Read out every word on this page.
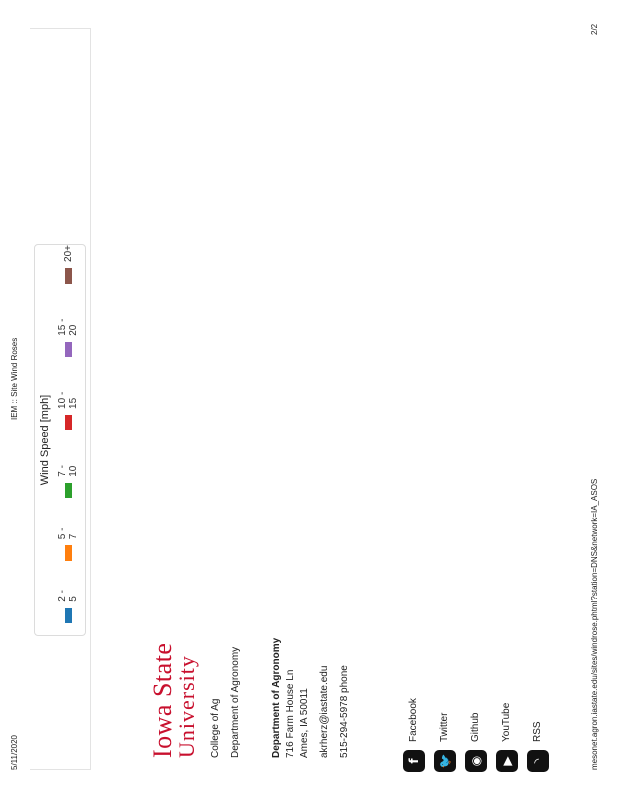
5/11/2020
IEM :: Site Wind Roses
Wind Speed [mph]
2 - 5
5 - 7
7 - 10
10 - 15
15 - 20
20+
Iowa State
University	College of Ag Department of Agronomy	Department of Agronomy 716 Farm House Ln Ames, IA 50011 akrherz@iastate.edu 515-294-5978 phone
f
Facebook
🐦
Twitter
◉
Github
▶
YouTube
◝
RSS	mesonet.agron.iastate.edu/sites/windrose.phtml?station=DNS&network=IA_ASOS
2/2
